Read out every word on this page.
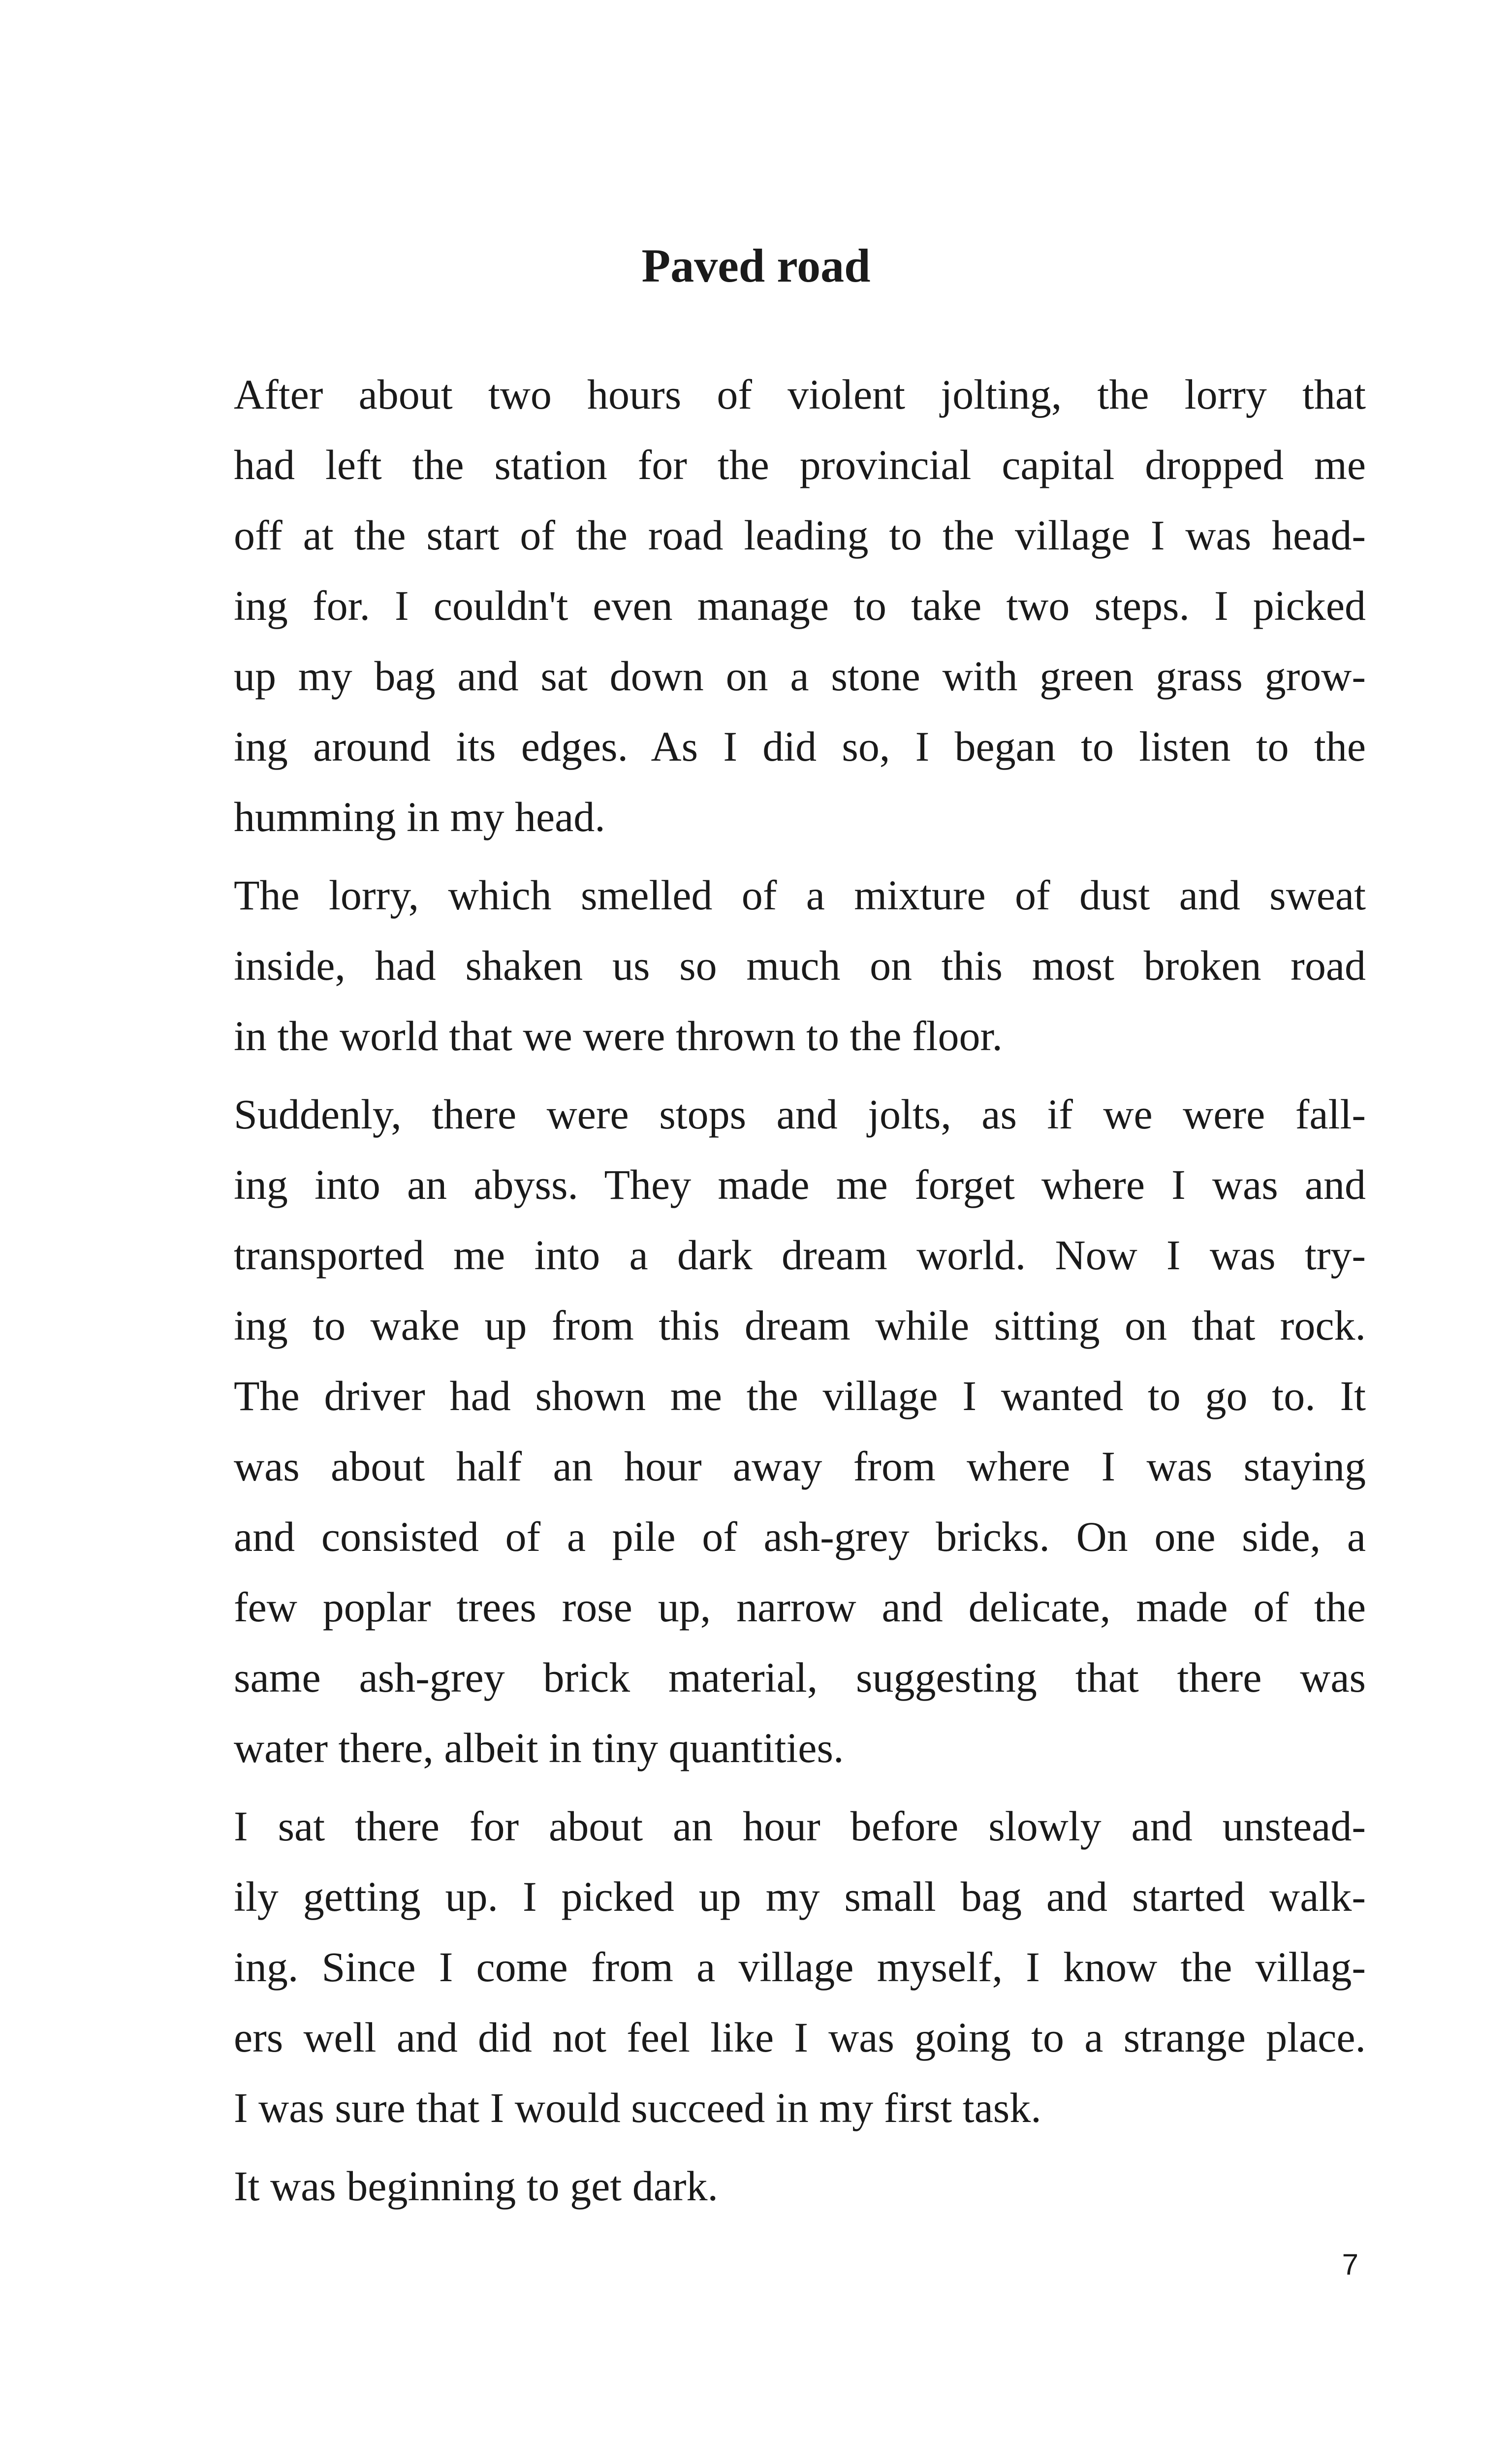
Paved road

After about two hours of violent jolting, the lorry that
had left the station for the provincial capital dropped me
off at the start of the road leading to the village I was head-
ing for. I couldn't even manage to take two steps. I picked
up my bag and sat down on a stone with green grass grow-
ing around its edges. As I did so, I began to listen to the
humming in my head.

The lorry, which smelled of a mixture of dust and sweat
inside, had shaken us so much on this most broken road
in the world that we were thrown to the floor.

Suddenly, there were stops and jolts, as if we were fall-
ing into an abyss. They made me forget where I was and
transported me into a dark dream world. Now I was try-
ing to wake up from this dream while sitting on that rock.
The driver had shown me the village I wanted to go to. It
was about half an hour away from where I was staying
and consisted of a pile of ash-grey bricks. On one side, a
few poplar trees rose up, narrow and delicate, made of the
same ash-grey brick material, suggesting that there was
water there, albeit in tiny quantities.

I sat there for about an hour before slowly and unstead-
ily getting up. I picked up my small bag and started walk-
ing. Since I come from a village myself, I know the villag-
ers well and did not feel like I was going to a strange place.
I was sure that I would succeed in my first task.

It was beginning to get dark.

7
